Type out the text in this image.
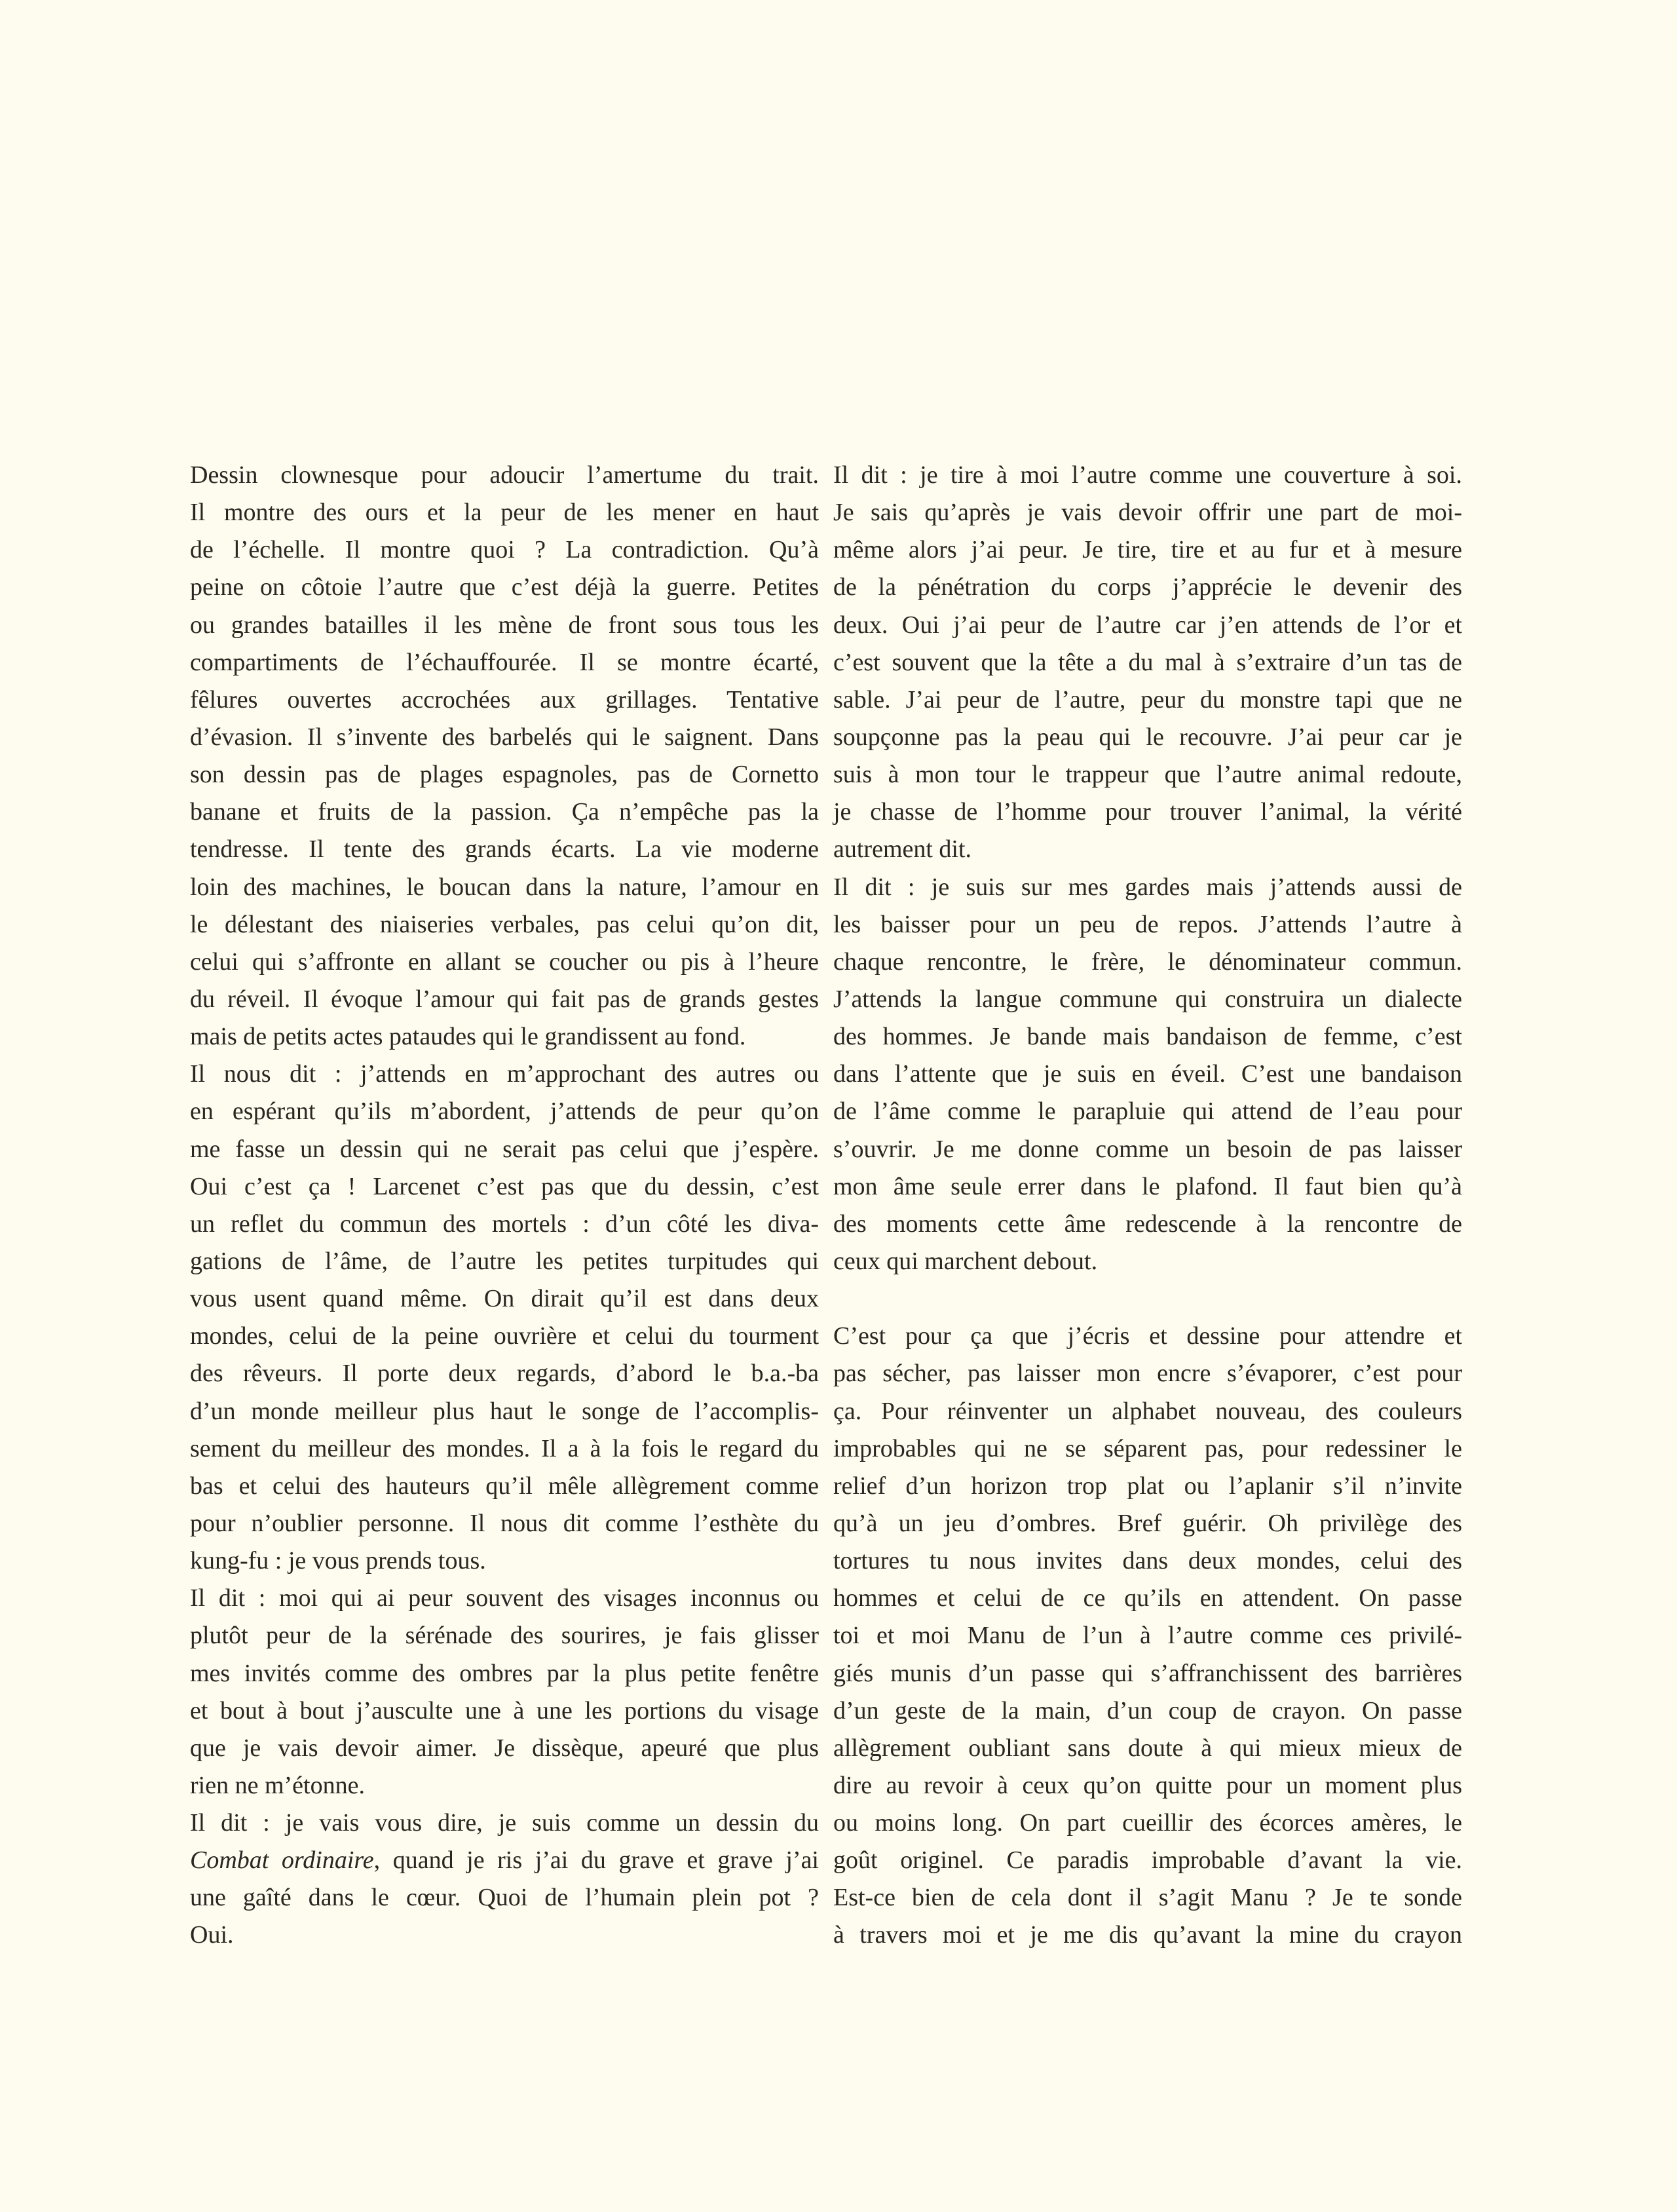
Dessin clownesque pour adoucir l’amertume du trait.
Il montre des ours et la peur de les mener en haut
de l’échelle. Il montre quoi ? La contradiction. Qu’à
peine on côtoie l’autre que c’est déjà la guerre. Petites
ou grandes batailles il les mène de front sous tous les
compartiments de l’échauffourée. Il se montre écarté,
fêlures ouvertes accrochées aux grillages. Tentative
d’évasion. Il s’invente des barbelés qui le saignent. Dans
son dessin pas de plages espagnoles, pas de Cornetto
banane et fruits de la passion. Ça n’empêche pas la
tendresse. Il tente des grands écarts. La vie moderne
loin des machines, le boucan dans la nature, l’amour en
le délestant des niaiseries verbales, pas celui qu’on dit,
celui qui s’affronte en allant se coucher ou pis à l’heure
du réveil. Il évoque l’amour qui fait pas de grands gestes
mais de petits actes pataudes qui le grandissent au fond.
Il nous dit : j’attends en m’approchant des autres ou
en espérant qu’ils m’abordent, j’attends de peur qu’on
me fasse un dessin qui ne serait pas celui que j’espère.
Oui c’est ça ! Larcenet c’est pas que du dessin, c’est
un reflet du commun des mortels : d’un côté les diva-
gations de l’âme, de l’autre les petites turpitudes qui
vous usent quand même. On dirait qu’il est dans deux
mondes, celui de la peine ouvrière et celui du tourment
des rêveurs. Il porte deux regards, d’abord le b.a.-ba
d’un monde meilleur plus haut le songe de l’accomplis-
sement du meilleur des mondes. Il a à la fois le regard du
bas et celui des hauteurs qu’il mêle allègrement comme
pour n’oublier personne. Il nous dit comme l’esthète du
kung-fu : je vous prends tous.
Il dit : moi qui ai peur souvent des visages inconnus ou
plutôt peur de la sérénade des sourires, je fais glisser
mes invités comme des ombres par la plus petite fenêtre
et bout à bout j’ausculte une à une les portions du visage
que je vais devoir aimer. Je dissèque, apeuré que plus
rien ne m’étonne.
Il dit : je vais vous dire, je suis comme un dessin du
Combat ordinaire, quand je ris j’ai du grave et grave j’ai
une gaîté dans le cœur. Quoi de l’humain plein pot ?
Oui.
Il dit : je tire à moi l’autre comme une couverture à soi.
Je sais qu’après je vais devoir offrir une part de moi-
même alors j’ai peur. Je tire, tire et au fur et à mesure
de la pénétration du corps j’apprécie le devenir des
deux. Oui j’ai peur de l’autre car j’en attends de l’or et
c’est souvent que la tête a du mal à s’extraire d’un tas de
sable. J’ai peur de l’autre, peur du monstre tapi que ne
soupçonne pas la peau qui le recouvre. J’ai peur car je
suis à mon tour le trappeur que l’autre animal redoute,
je chasse de l’homme pour trouver l’animal, la vérité
autrement dit.
Il dit : je suis sur mes gardes mais j’attends aussi de
les baisser pour un peu de repos. J’attends l’autre à
chaque rencontre, le frère, le dénominateur commun.
J’attends la langue commune qui construira un dialecte
des hommes. Je bande mais bandaison de femme, c’est
dans l’attente que je suis en éveil. C’est une bandaison
de l’âme comme le parapluie qui attend de l’eau pour
s’ouvrir. Je me donne comme un besoin de pas laisser
mon âme seule errer dans le plafond. Il faut bien qu’à
des moments cette âme redescende à la rencontre de
ceux qui marchent debout.
C’est pour ça que j’écris et dessine pour attendre et
pas sécher, pas laisser mon encre s’évaporer, c’est pour
ça. Pour réinventer un alphabet nouveau, des couleurs
improbables qui ne se séparent pas, pour redessiner le
relief d’un horizon trop plat ou l’aplanir s’il n’invite
qu’à un jeu d’ombres. Bref guérir. Oh privilège des
tortures tu nous invites dans deux mondes, celui des
hommes et celui de ce qu’ils en attendent. On passe
toi et moi Manu de l’un à l’autre comme ces privilé-
giés munis d’un passe qui s’affranchissent des barrières
d’un geste de la main, d’un coup de crayon. On passe
allègrement oubliant sans doute à qui mieux mieux de
dire au revoir à ceux qu’on quitte pour un moment plus
ou moins long. On part cueillir des écorces amères, le
goût originel. Ce paradis improbable d’avant la vie.
Est-ce bien de cela dont il s’agit Manu ? Je te sonde
à travers moi et je me dis qu’avant la mine du crayon
